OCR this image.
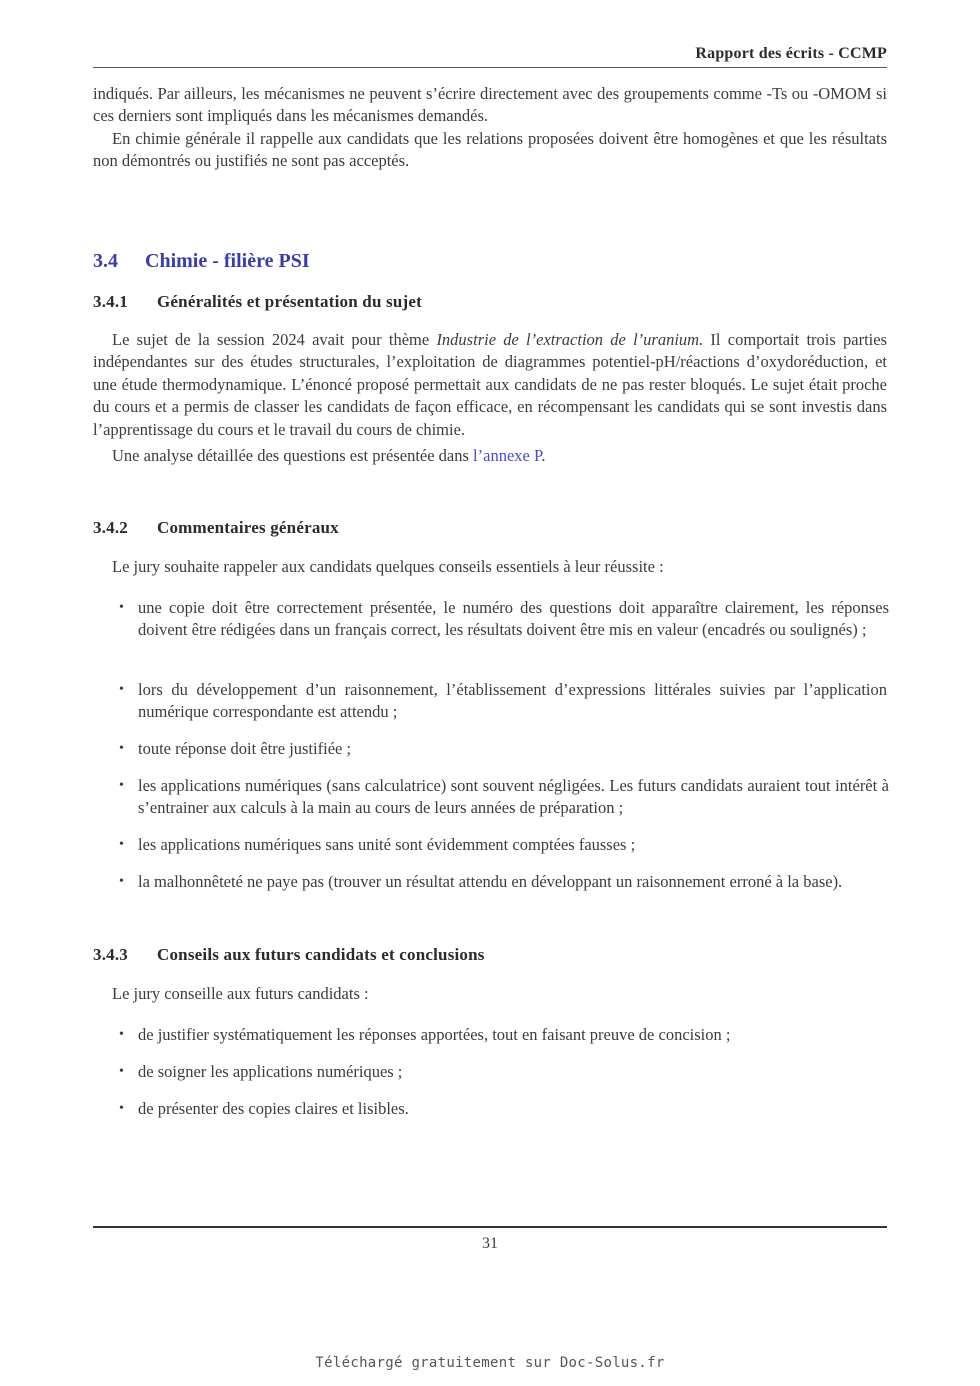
Rapport des écrits - CCMP

indiqués. Par ailleurs, les mécanismes ne peuvent s’écrire directement avec des groupements comme -Ts ou -OMOM si ces derniers sont impliqués dans les mécanismes demandés.

En chimie générale il rappelle aux candidats que les relations proposées doivent être homogènes et que les résultats non démontrés ou justifiés ne sont pas acceptés.

3.4 Chimie - filière PSI
3.4.1 Généralités et présentation du sujet

Le sujet de la session 2024 avait pour thème Industrie de l’extraction de l’uranium. Il comportait trois parties indépendantes sur des études structurales, l’exploitation de diagrammes potentiel-pH/réactions d’oxydoréduction, et une étude thermodynamique. L’énoncé proposé permettait aux candidats de ne pas rester bloqués. Le sujet était proche du cours et a permis de classer les candidats de façon efficace, en récompensant les candidats qui se sont investis dans l’apprentissage du cours et le travail du cours de chimie.

Une analyse détaillée des questions est présentée dans l’annexe P.

3.4.2 Commentaires généraux

Le jury souhaite rappeler aux candidats quelques conseils essentiels à leur réussite :

• une copie doit être correctement présentée, le numéro des questions doit apparaître clairement, les réponses doivent être rédigées dans un français correct, les résultats doivent être mis en valeur (encadrés ou soulignés) ;
• lors du développement d’un raisonnement, l’établissement d’expressions littérales suivies par l’application numérique correspondante est attendu ;
• toute réponse doit être justifiée ;
• les applications numériques (sans calculatrice) sont souvent négligées. Les futurs candidats auraient tout intérêt à s’entrainer aux calculs à la main au cours de leurs années de préparation ;
• les applications numériques sans unité sont évidemment comptées fausses ;
• la malhonnêteté ne paye pas (trouver un résultat attendu en développant un raisonnement erroné à la base).
3.4.3 Conseils aux futurs candidats et conclusions

Le jury conseille aux futurs candidats :

• de justifier systématiquement les réponses apportées, tout en faisant preuve de concision ;
• de soigner les applications numériques ;
• de présenter des copies claires et lisibles.
31
Téléchargé gratuitement sur Doc-Solus.fr
